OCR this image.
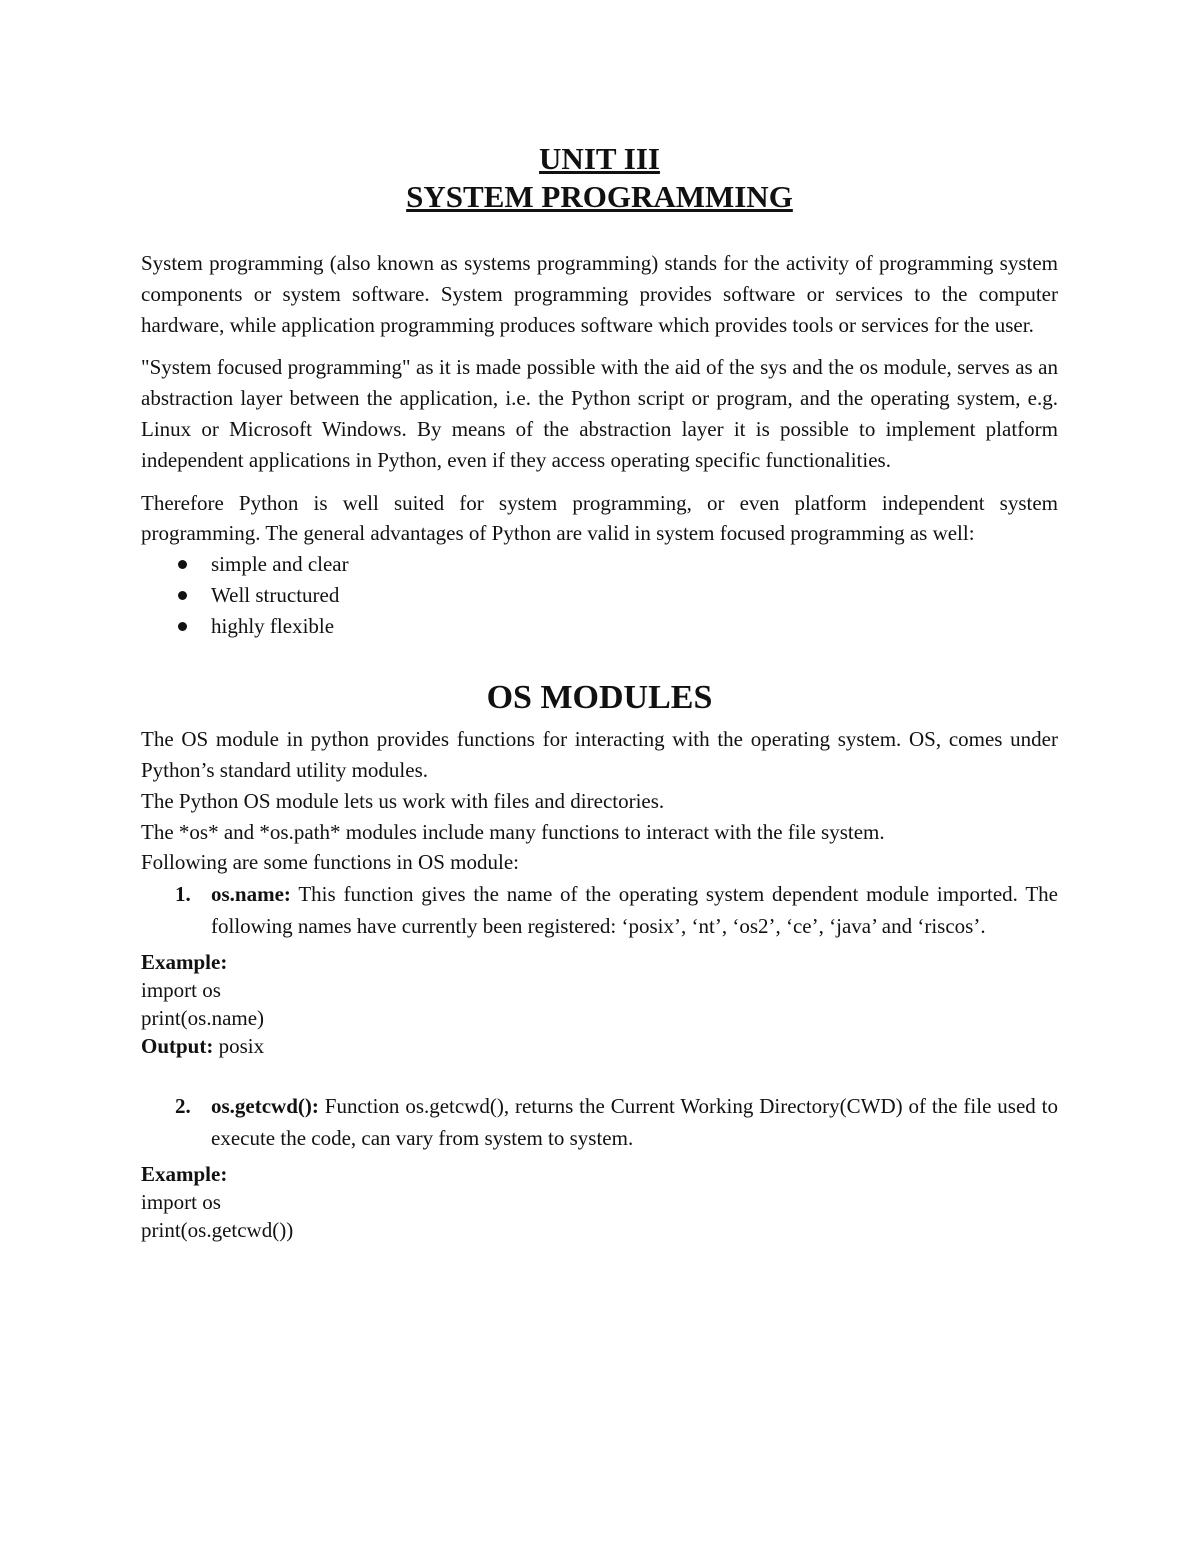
UNIT III

SYSTEM PROGRAMMING

System programming (also known as systems programming) stands for the activity of programming system components or system software. System programming provides software or services to the computer hardware, while application programming produces software which provides tools or services for the user.

"System focused programming" as it is made possible with the aid of the sys and the os module, serves as an abstraction layer between the application, i.e. the Python script or program, and the operating system, e.g. Linux or Microsoft Windows. By means of the abstraction layer it is possible to implement platform independent applications in Python, even if they access operating specific functionalities.

Therefore Python is well suited for system programming, or even platform independent system programming. The general advantages of Python are valid in system focused programming as well:

simple and clear
Well structured
highly flexible

OS MODULES

The OS module in python provides functions for interacting with the operating system. OS, comes under Python’s standard utility modules.

The Python OS module lets us work with files and directories.

The *os* and *os.path* modules include many functions to interact with the file system.

Following are some functions in OS module:

1. os.name: This function gives the name of the operating system dependent module imported. The following names have currently been registered: ‘posix’, ‘nt’, ‘os2’, ‘ce’, ‘java’ and ‘riscos’.

Example:

import os

print(os.name)

Output: posix

2. os.getcwd(): Function os.getcwd(), returns the Current Working Directory(CWD) of the file used to execute the code, can vary from system to system.

Example:

import os

print(os.getcwd())
